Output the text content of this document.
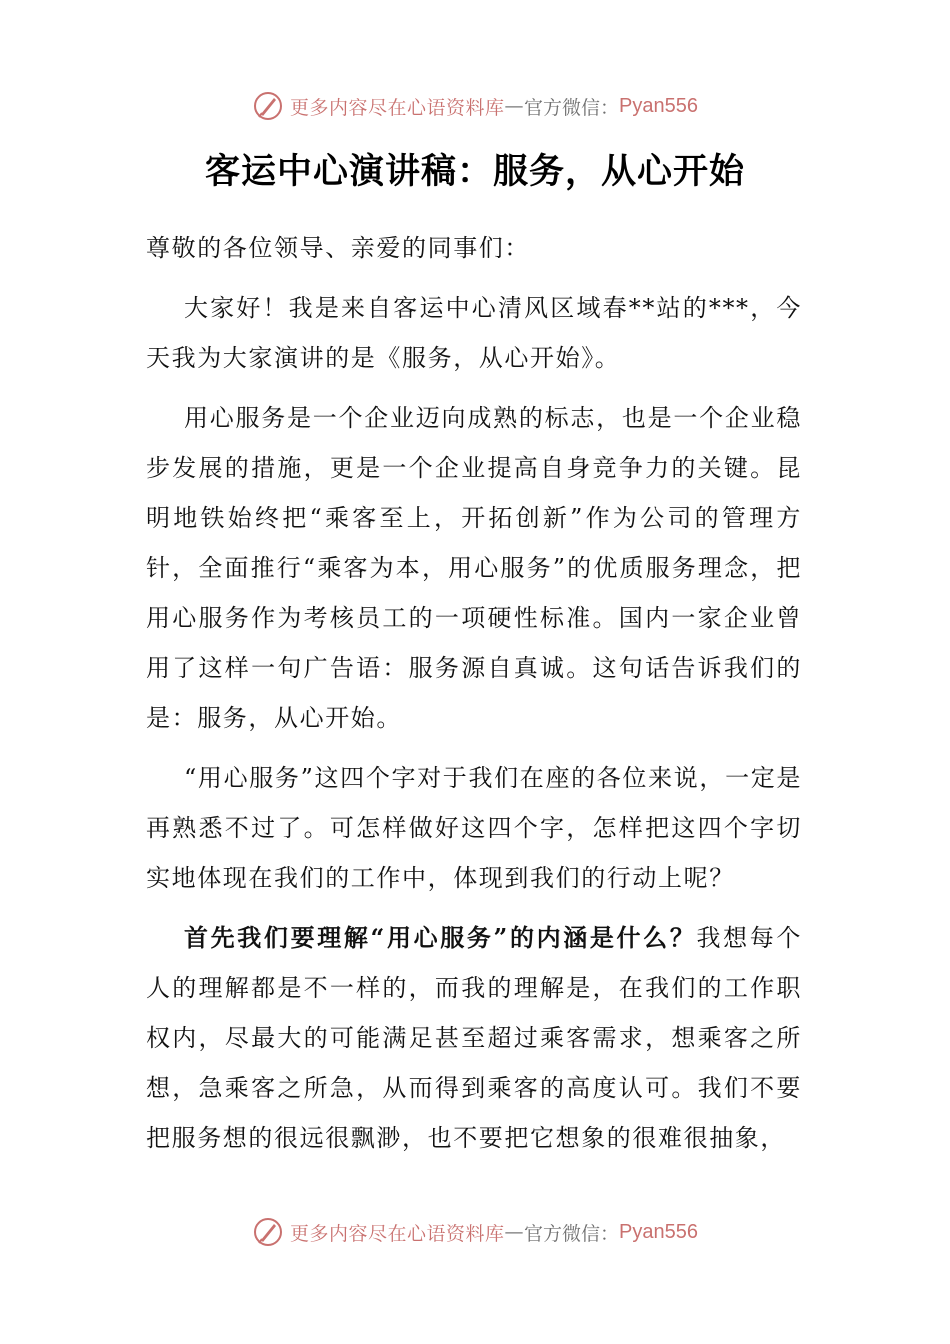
更多内容尽在心语资料库 — 官方微信： Pyan556
客运中心演讲稿：服务，从心开始

尊敬的各位领导、亲爱的同事们：

大家好！我是来自客运中心清风区域春**站的***，今天我为大家演讲的是《服务，从心开始》。

用心服务是一个企业迈向成熟的标志，也是一个企业稳步发展的措施，更是一个企业提高自身竞争力的关键。昆明地铁始终把“乘客至上，开拓创新”作为公司的管理方针，全面推行“乘客为本，用心服务”的优质服务理念，把用心服务作为考核员工的一项硬性标准。国内一家企业曾用了这样一句广告语：服务源自真诚。这句话告诉我们的是：服务，从心开始。

“用心服务”这四个字对于我们在座的各位来说，一定是再熟悉不过了。可怎样做好这四个字，怎样把这四个字切实地体现在我们的工作中，体现到我们的行动上呢？

首先我们要理解“用心服务”的内涵是什么？我想每个人的理解都是不一样的，而我的理解是，在我们的工作职权内，尽最大的可能满足甚至超过乘客需求，想乘客之所想，急乘客之所急，从而得到乘客的高度认可。我们不要把服务想的很远很飘渺，也不要把它想象的很难很抽象，

更多内容尽在心语资料库 — 官方微信： Pyan556
